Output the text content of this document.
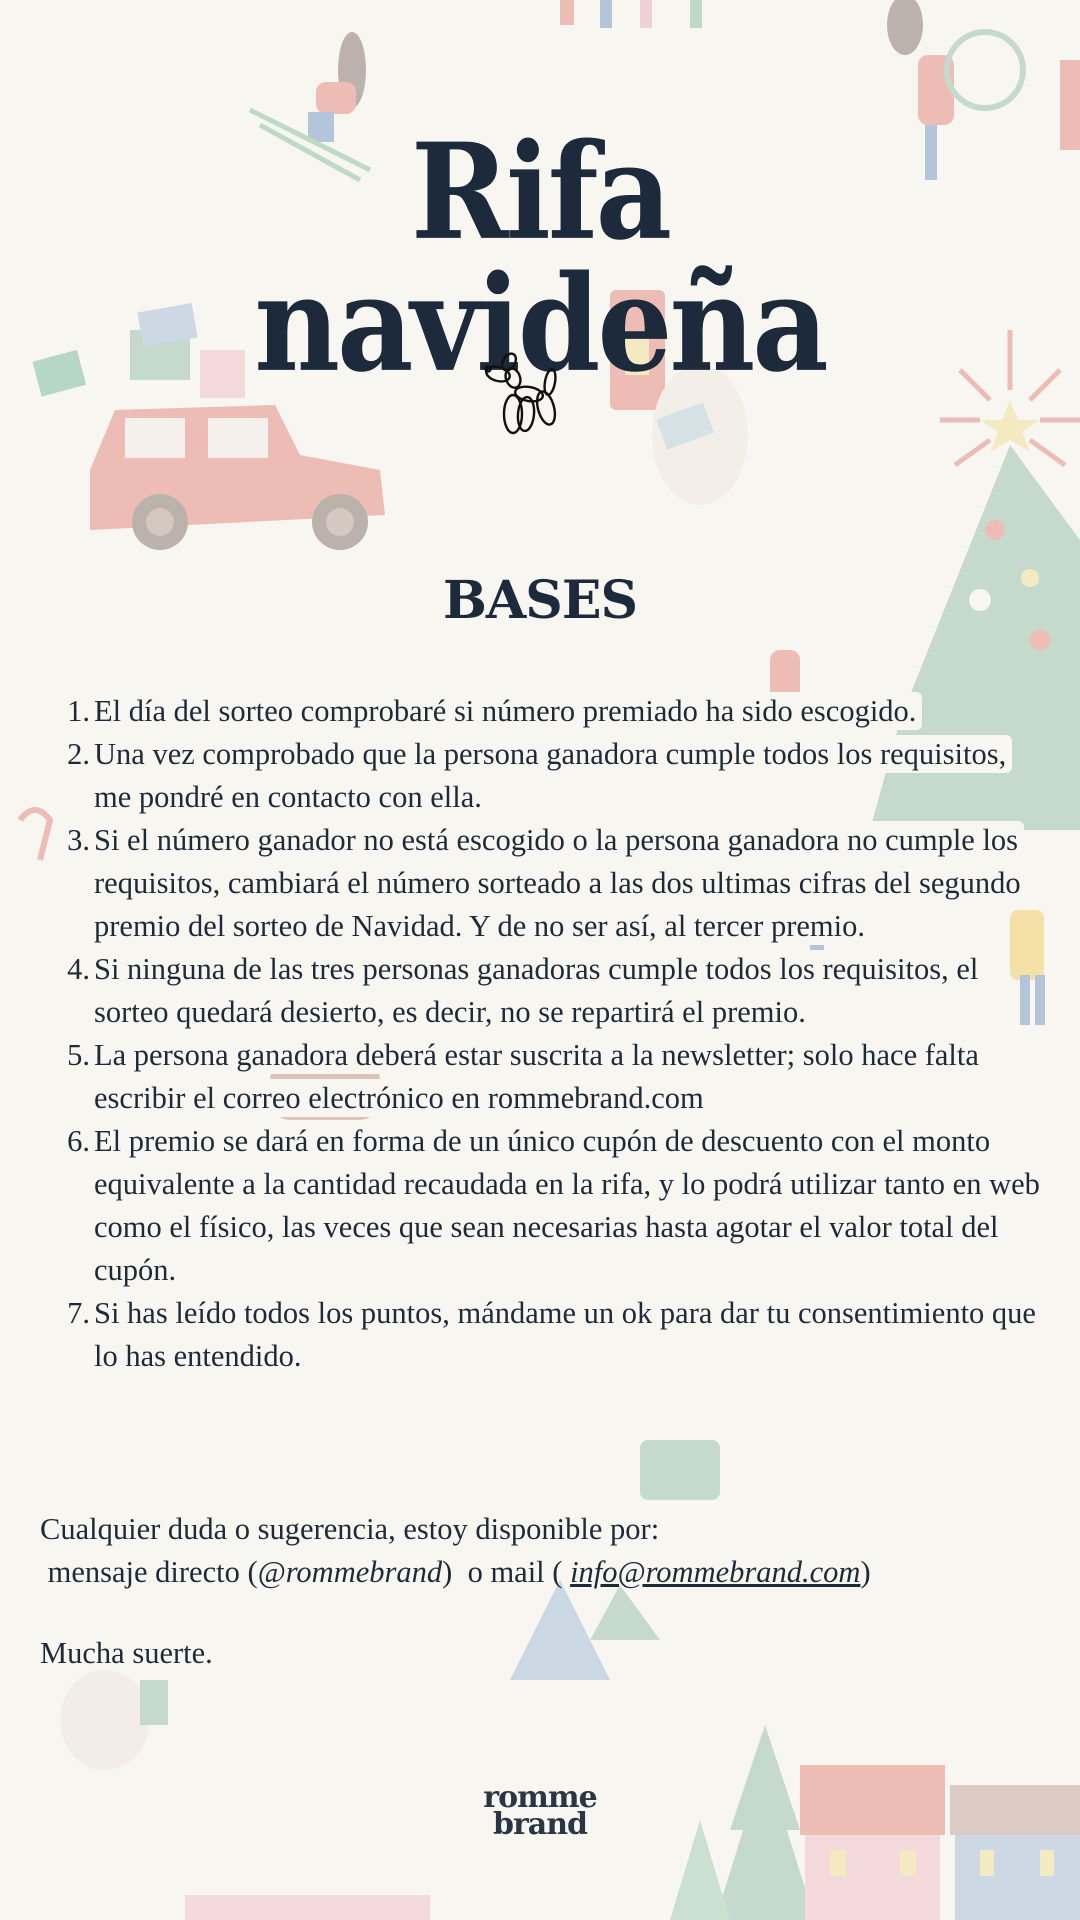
Rifa
navideña
BASES
1. El día del sorteo comprobaré si número premiado ha sido escogido.
2. Una vez comprobado que la persona ganadora cumple todos los requisitos, me pondré en contacto con ella.
3. Si el número ganador no está escogido o la persona ganadora no cumple los requisitos, cambiará el número sorteado a las dos ultimas cifras del segundo premio del sorteo de Navidad. Y de no ser así, al tercer premio.
4. Si ninguna de las tres personas ganadoras cumple todos los requisitos, el sorteo quedará desierto, es decir, no se repartirá el premio.
5. La persona ganadora deberá estar suscrita a la newsletter; solo hace falta escribir el correo electrónico en rommebrand.com
6. El premio se dará en forma de un único cupón de descuento con el monto equivalente a la cantidad recaudada en la rifa, y lo podrá utilizar tanto en web como el físico, las veces que sean necesarias hasta agotar el valor total del cupón.
7. Si has leído todos los puntos, mándame un ok para dar tu consentimiento que lo has entendido.
Cualquier duda o sugerencia, estoy disponible por:
mensaje directo (@rommebrand)  o mail ( info@rommebrand.com)
Mucha suerte.
romme
brand
